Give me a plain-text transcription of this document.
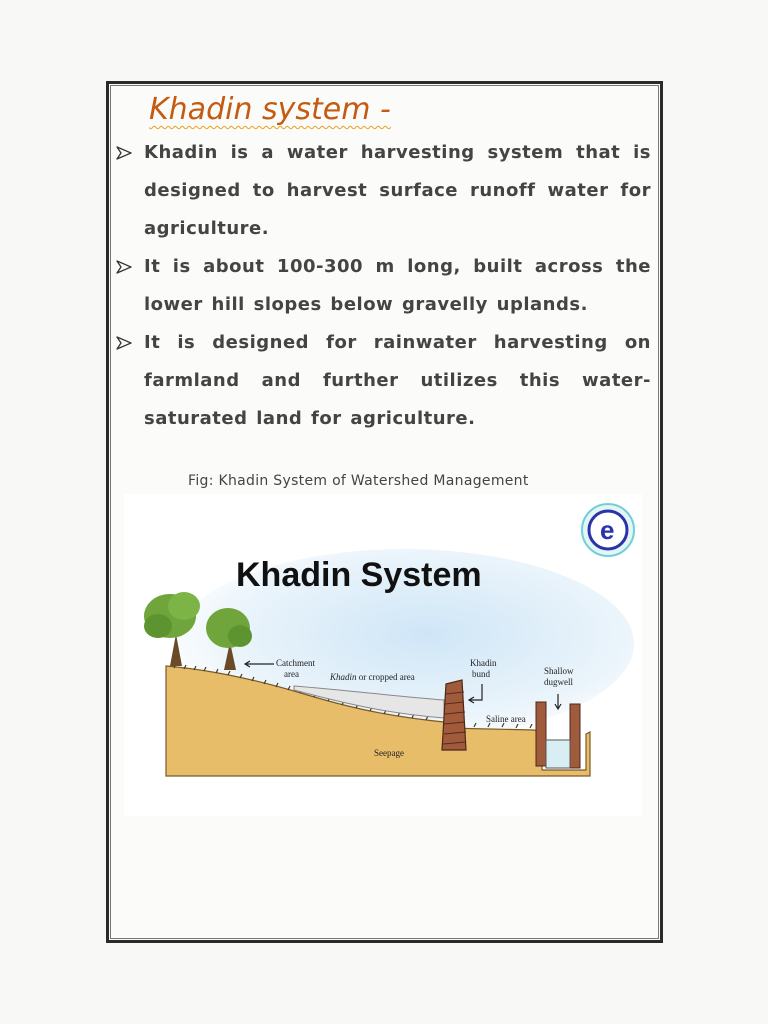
Khadin system -
Khadin is a water harvesting system that is designed to harvest surface runoff water for agriculture.
It is about 100-300 m long, built across the lower hill slopes below gravelly uplands.
It is designed for rainwater harvesting on farmland and further utilizes this water-saturated land for agriculture.
Fig: Khadin System of Watershed Management
Khadin System
e
Catchment
area	Khadin or cropped area
Khadin
bund	Shallow
dugwell
Saline area
Seepage
